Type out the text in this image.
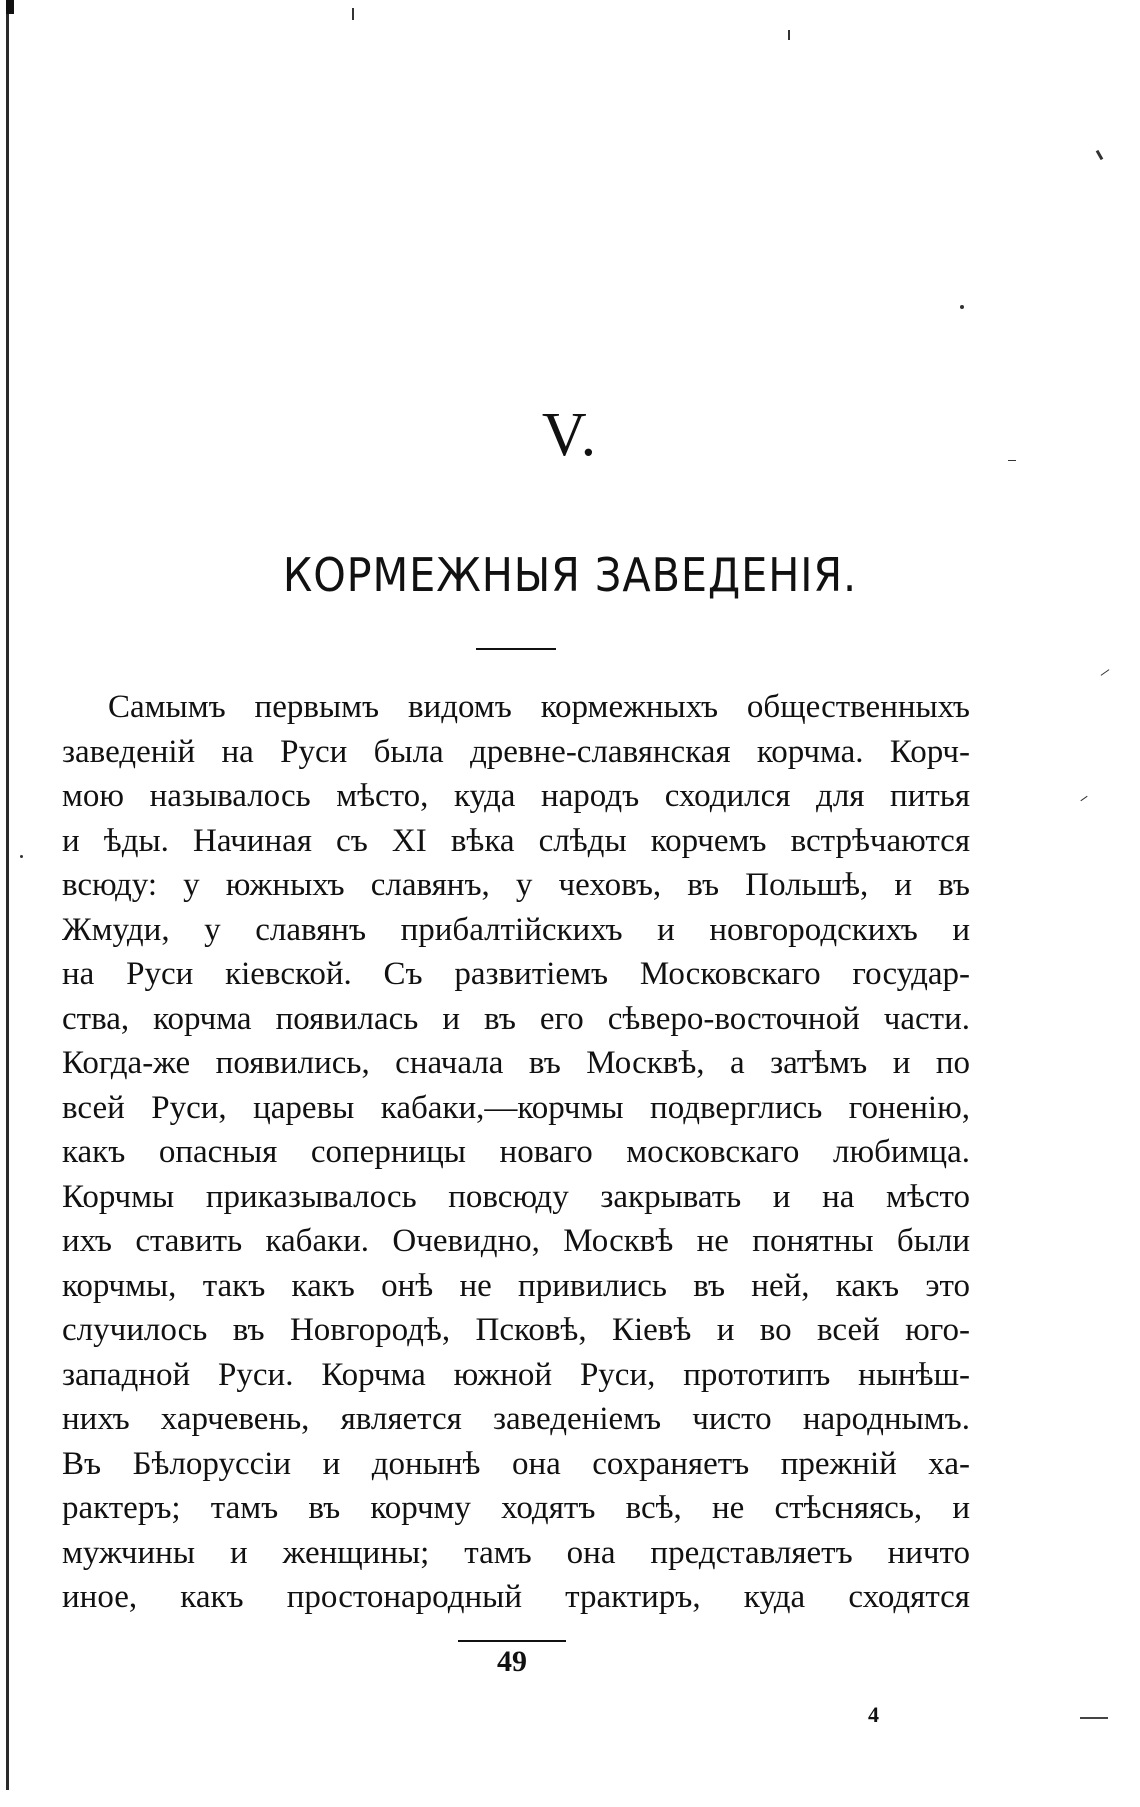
V.
КОРМЕЖНЫЯ ЗАВЕДЕНІЯ.
Самымъ первымъ видомъ кормежныхъ общественныхъ
заведеній на Руси была древне-славянская корчма. Корч-
мою называлось мѣсто, куда народъ сходился для питья
и ѣды. Начиная съ XI вѣка слѣды корчемъ встрѣчаются
всюду: у южныхъ славянъ, у чеховъ, въ Польшѣ, и въ
Жмуди, у славянъ прибалтійскихъ и новгородскихъ и
на Руси кіевской. Съ развитіемъ Московскаго государ-
ства, корчма появилась и въ его сѣверо-восточной части.
Когда-же появились, сначала въ Москвѣ, а затѣмъ и по
всей Руси, царевы кабаки,—корчмы подверглись гоненію,
какъ опасныя соперницы новаго московскаго любимца.
Корчмы приказывалось повсюду закрывать и на мѣсто
ихъ ставить кабаки. Очевидно, Москвѣ не понятны были
корчмы, такъ какъ онѣ не привились въ ней, какъ это
случилось въ Новгородѣ, Псковѣ, Кіевѣ и во всей юго-
западной Руси. Корчма южной Руси, прототипъ нынѣш-
нихъ харчевень, является заведеніемъ чисто народнымъ.
Въ Бѣлоруссіи и донынѣ она сохраняетъ прежній ха-
рактеръ; тамъ въ корчму ходятъ всѣ, не стѣсняясь, и
мужчины и женщины; тамъ она представляетъ ничто
иное, какъ простонародный трактиръ, куда сходятся
49
4
